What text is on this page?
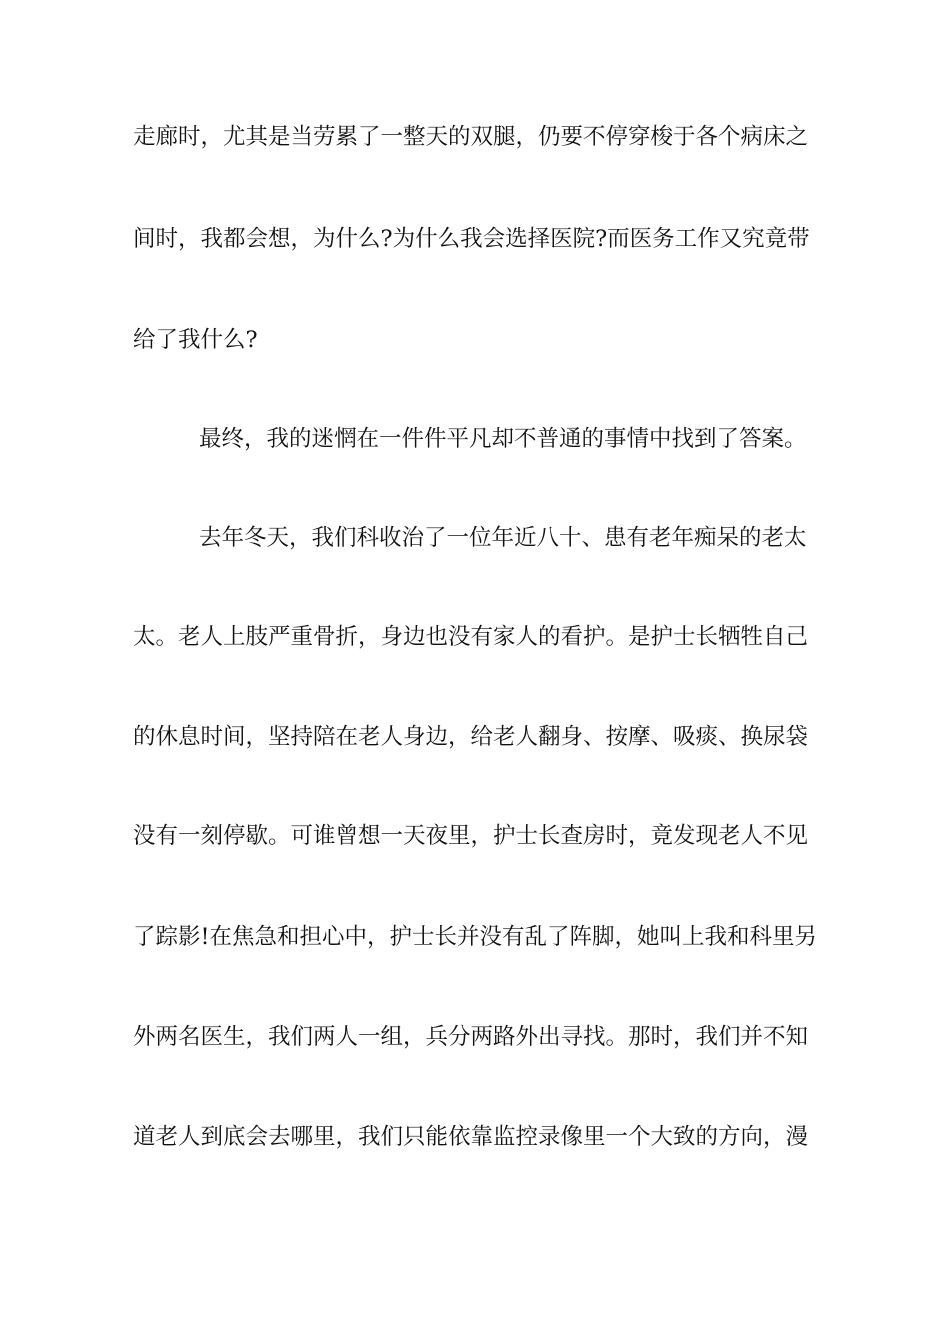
走廊时，尤其是当劳累了一整天的双腿，仍要不停穿梭于各个病床之
间时，我都会想，为什么?为什么我会选择医院?而医务工作又究竟带
给了我什么?
最终，我的迷惘在一件件平凡却不普通的事情中找到了答案。
去年冬天，我们科收治了一位年近八十、患有老年痴呆的老太
太。老人上肢严重骨折，身边也没有家人的看护。是护士长牺牲自己
的休息时间，坚持陪在老人身边，给老人翻身、按摩、吸痰、换尿袋
没有一刻停歇。可谁曾想一天夜里，护士长查房时，竟发现老人不见
了踪影!在焦急和担心中，护士长并没有乱了阵脚，她叫上我和科里另
外两名医生，我们两人一组，兵分两路外出寻找。那时，我们并不知
道老人到底会去哪里，我们只能依靠监控录像里一个大致的方向，漫
